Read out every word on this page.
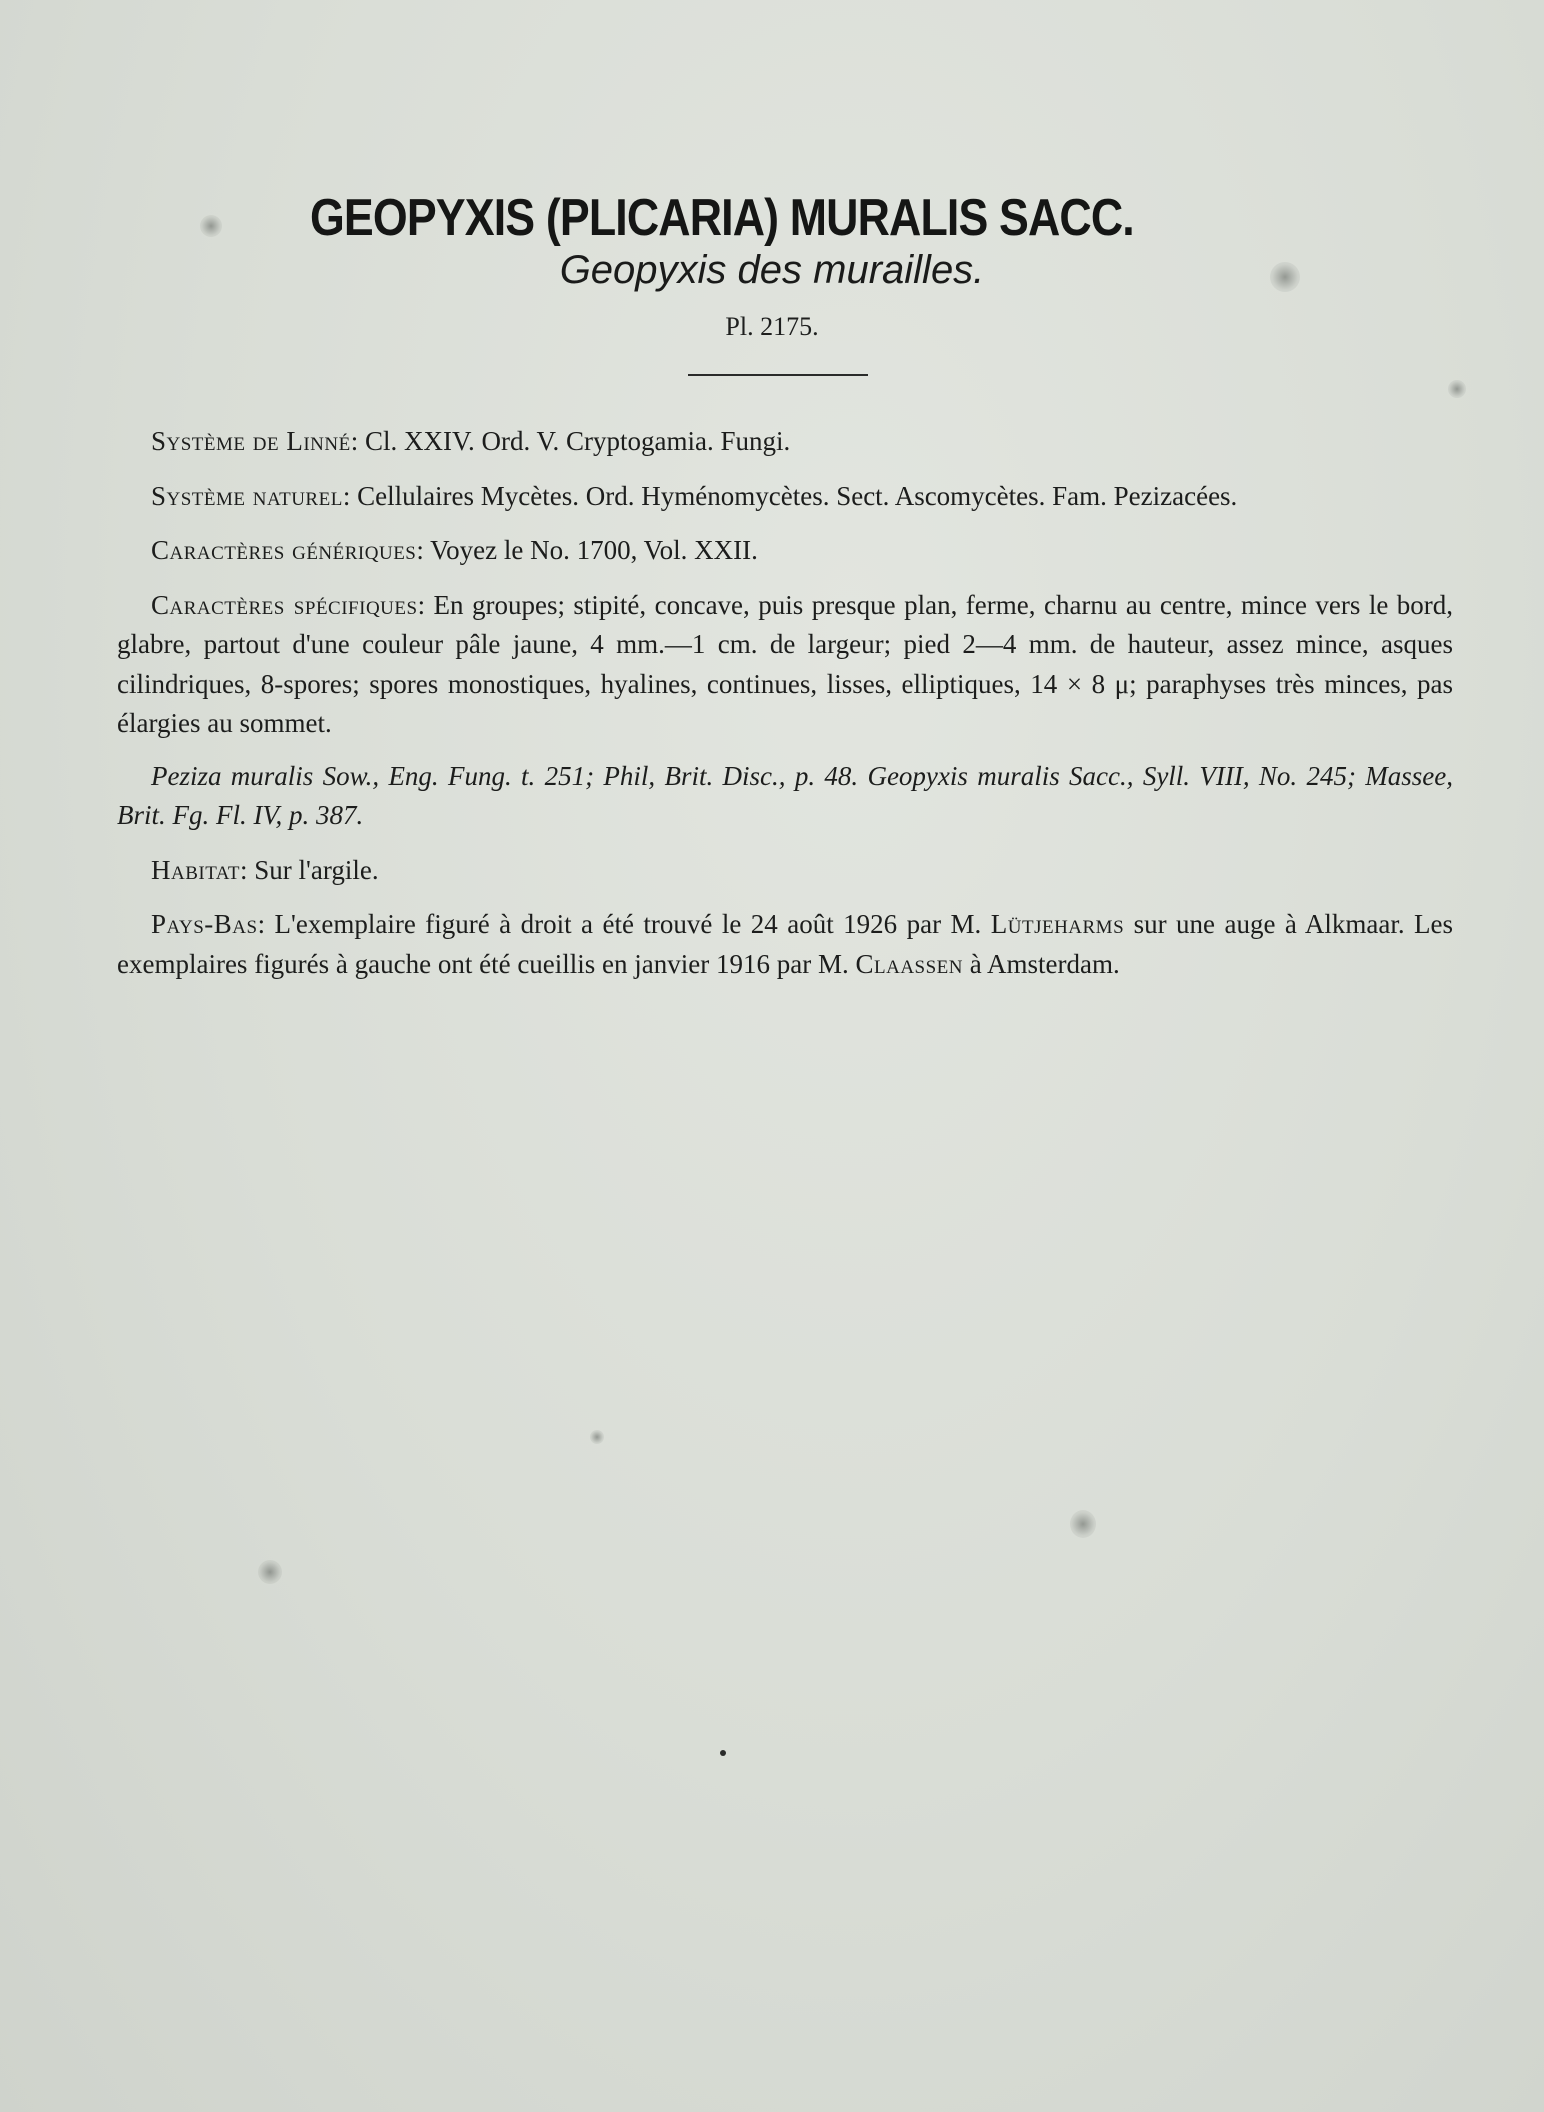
GEOPYXIS (PLICARIA) MURALIS SACC.
Geopyxis des murailles.
Pl. 2175.

Système de Linné: Cl. XXIV. Ord. V. Cryptogamia. Fungi.

Système naturel: Cellulaires Mycètes. Ord. Hyménomycètes. Sect. Ascomycètes. Fam. Pezizacées.

Caractères génériques: Voyez le No. 1700, Vol. XXII.

Caractères spécifiques: En groupes; stipité, concave, puis presque plan, ferme, charnu au centre, mince vers le bord, glabre, partout d'une couleur pâle jaune, 4 mm.—1 cm. de largeur; pied 2—4 mm. de hauteur, assez mince, asques cilindriques, 8-spores; spores monostiques, hyalines, continues, lisses, elliptiques, 14 × 8 μ; paraphyses très minces, pas élargies au sommet.

Peziza muralis Sow., Eng. Fung. t. 251; Phil, Brit. Disc., p. 48. Geopyxis muralis Sacc., Syll. VIII, No. 245; Massee, Brit. Fg. Fl. IV, p. 387.

Habitat: Sur l'argile.

Pays-Bas: L'exemplaire figuré à droit a été trouvé le 24 août 1926 par M. Lütjeharms sur une auge à Alkmaar. Les exemplaires figurés à gauche ont été cueillis en janvier 1916 par M. Claassen à Amsterdam.
